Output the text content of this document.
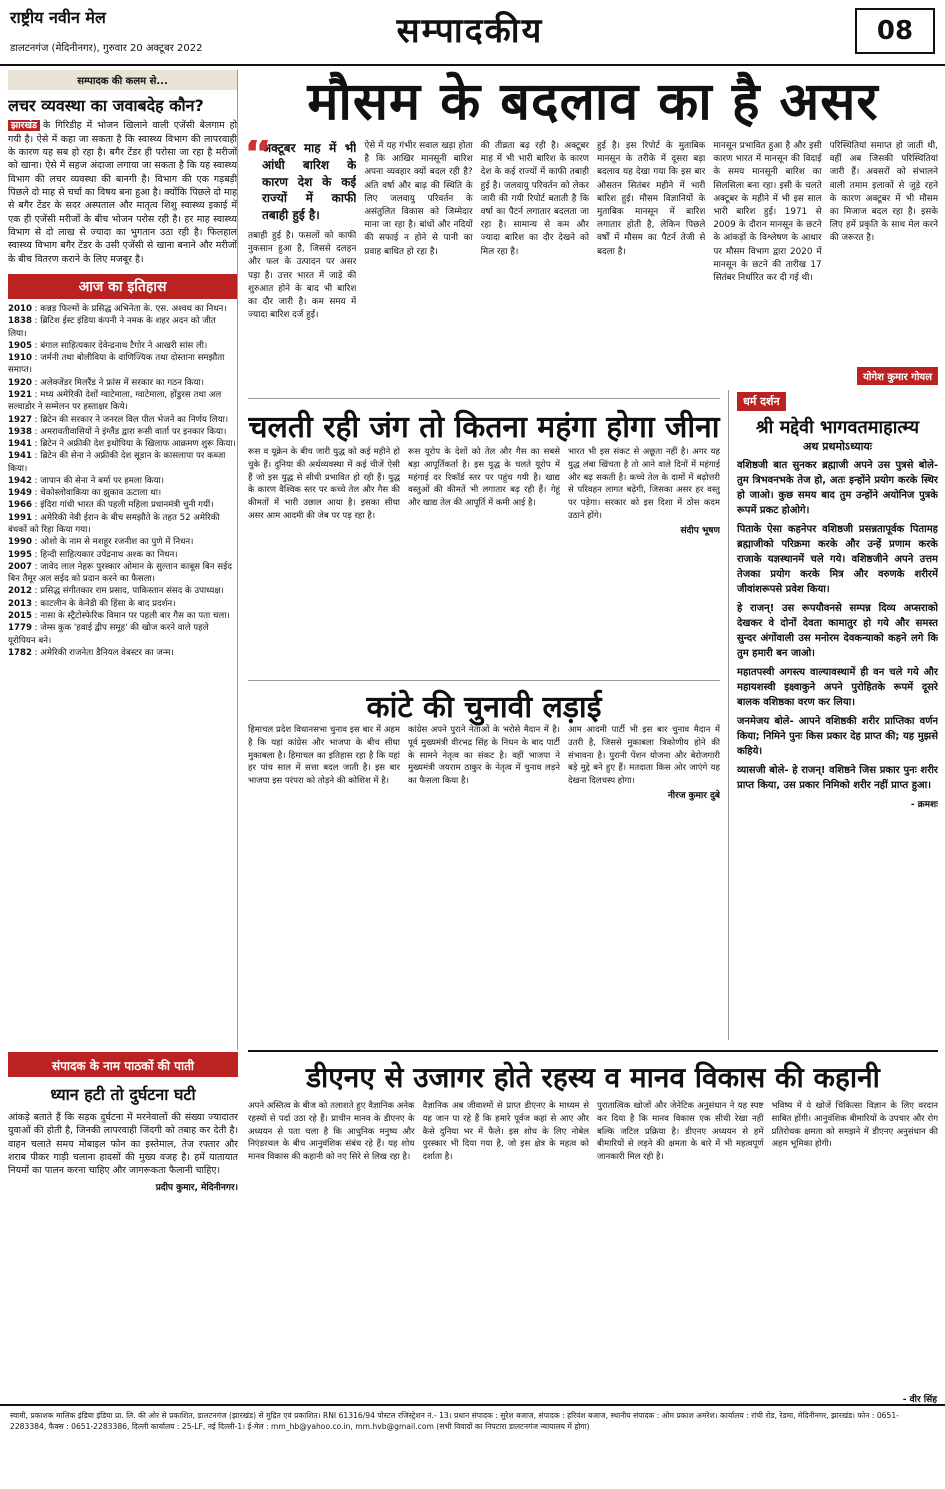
राष्ट्रीय नवीन मेल
डालटनगंज (मेदिनीनगर), गुरुवार 20 अक्टूबर 2022	सम्पादकीय	08
सम्पादक की कलम से...
लचर व्यवस्था का जवाबदेह कौन?
झारखंड के गिरिडीह में भोजन खिलाने वाली एजेंसी बेलगाम हो गयी है। ऐसे में कहा जा सकता है कि स्वास्थ्य विभाग की लापरवाही के कारण यह सब हो रहा है। बगैर टेंडर ही परोसा जा रहा है मरीजों को खाना। ऐसे में सहज अंदाजा लगाया जा सकता है कि यह स्वास्थ्य विभाग की लचर व्यवस्था की बानगी है। विभाग की एक गड़बड़ी पिछले दो माह से चर्चा का विषय बना हुआ है। क्योंकि पिछले दो माह से बगैर टेंडर के सदर अस्पताल और मातृत्व शिशु स्वास्थ्य इकाई में एक ही एजेंसी मरीजों के बीच भोजन परोस रही है। हर माह स्वास्थ्य विभाग से दो लाख से ज्यादा का भुगतान उठा रही है। फिलहाल स्वास्थ्य विभाग बगैर टेंडर के उसी एजेंसी से खाना बनाने और मरीजों के बीच वितरण कराने के लिए मजबूर है।
आज का इतिहास
2010 : कन्नड़ फिल्मों के प्रसिद्ध अभिनेता के. एस. अश्वथ का निधन।
1838 : ब्रिटिश ईस्ट इंडिया कंपनी ने नमक के शहर अदन को जीत लिया।
1905 : बंगाल साहित्यकार देवेन्द्रनाथ टैगोर ने आखरी सांस ली।
1910 : जर्मनी तथा बोलीविया के वाणिज्यिक तथा दोस्ताना समझौता समाप्त।
1920 : अलेक्जेंडर मिलरैंड ने फ्रांस में सरकार का गठन किया।
1921 : मध्य अमेरिकी देशों ग्वाटेमाला, ग्वाटेमाला, होंडुरस तथा अल सल्वाडोर ने सम्मेलन पर हस्ताक्षर किये।
1927 : ब्रिटेन की सरकार ने जनरल विल पील भेजने का निर्णय लिया।
1938 : अमरावतीवासियों ने इंग्लैंड द्वारा रूसी वार्ता पर इनकार किया।
1941 : ब्रिटेन ने अफ्रीकी देश इथोपिया के खिलाफ आक्रमण शुरू किया।
1941 : ब्रिटेन की सेना ने अफ्रीकी देश सूडान के कासलापा पर कब्जा किया।
1942 : जापान की सेना ने बर्मा पर हमला किया।
1949 : चेकोस्लोवाकिया का झुकाव ऊटाला था।
1966 : इंदिरा गांधी भारत की पहली महिला प्रधानमंत्री चुनी गयीं।
1991 : अमेरिकी नेवी ईरान के बीच समझौते के तहत 52 अमेरिकी बंधकों को रिहा किया गया।
1990 : ओशो के नाम से मशहूर रजनीश का पुणे में निधन।
1995 : हिन्दी साहित्यकार उपेंद्रनाथ अश्क का निधन।
2007 : जावेद लाल नेहरू पुरस्कार ओमान के सुल्तान काबूस बिन सईद बिन तैमूर अल सईद को प्रदान करने का फैसला।
2012 : प्रसिद्ध संगीतकार राम प्रसाद, पाकिस्तान संसद के उपाध्यक्ष।
2013 : काटलीन के केनेडी की हिंसा के बाद प्रदर्शन।
2015 : नासा के स्ट्रैटोस्फेरिक विमान पर पहली बार गैस का पता चला।
1779 : जेम्स कुक 'हवाई द्वीप समूह' की खोज करने वाले पहले यूरोपियन बने।
1782 : अमेरिकी राजनेता डैनियल वेबस्टर का जन्म।
मौसम के बदलाव का है असर
“ अक्टूबर माह में भी आंधी बारिश के कारण देश के कई राज्यों में काफी तबाही हुई है।

तबाही हुई है। फसलों को काफी नुकसान हुआ है, जिससे दलहन और फल के उत्पादन पर असर पड़ा है। उत्तर भारत में जाड़े की शुरुआत होने के बाद भी बारिश का दौर जारी है। कम समय में ज्यादा बारिश दर्ज हुई।

ऐसे में यह गंभीर सवाल खड़ा होता है कि आखिर मानसूनी बारिश अपना व्यवहार क्यों बदल रही है? अति वर्षा और बाढ़ की स्थिति के लिए जलवायु परिवर्तन के असंतुलित विकास को जिम्मेदार माना जा रहा है। बांधों और नदियों की सफाई न होने से पानी का प्रवाह बाधित हो रहा है।

की तीव्रता बढ़ रही है। अक्टूबर माह में भी भारी बारिश के कारण देश के कई राज्यों में काफी तबाही हुई है। जलवायु परिवर्तन को लेकर जारी की गयी रिपोर्ट बताती है कि वर्षा का पैटर्न लगातार बदलता जा रहा है। सामान्य से कम और ज्यादा बारिश का दौर देखने को मिल रहा है।

हुई है। इस रिपोर्ट के मुताबिक मानसून के तरीके में दूसरा बड़ा बदलाव यह देखा गया कि इस बार औसतन सितंबर महीने में भारी बारिश हुई। मौसम विज्ञानियों के मुताबिक मानसून में बारिश लगातार होती है, लेकिन पिछले वर्षों में मौसम का पैटर्न तेजी से बदला है।

मानसून प्रभावित हुआ है और इसी कारण भारत में मानसून की विदाई के समय मानसूनी बारिश का सिलसिला बना रहा। इसी के चलते अक्टूबर के महीने में भी इस साल भारी बारिश हुई। 1971 से 2009 के दौरान मानसून के छटने के आंकड़ों के विश्लेषण के आधार पर मौसम विभाग द्वारा 2020 में मानसून के छटने की तारीख 17 सितंबर निर्धारित कर दी गई थी।

परिस्थितियां समाप्त हो जाती थी, वहीं अब जिसकी परिस्थितियां जारी हैं। अवसरों को संभालने वाली तमाम इलाकों से जुड़े रहने के कारण अक्टूबर में भी मौसम का मिजाज बदल रहा है। इसके लिए हमें प्रकृति के साथ मेल करने की जरूरत है।

योगेश कुमार गोयल
चलती रही जंग तो कितना महंगा होगा जीना

रूस व यूक्रेन के बीच जारी युद्ध को कई महीने हो चुके हैं। दुनिया की अर्थव्यवस्था में कई चीजें ऐसी हैं जो इस युद्ध से सीधी प्रभावित हो रही हैं। युद्ध के कारण वैश्विक स्तर पर कच्चे तेल और गैस की कीमतों में भारी उछाल आया है। इसका सीधा असर आम आदमी की जेब पर पड़ रहा है।

रूस यूरोप के देशों को तेल और गैस का सबसे बड़ा आपूर्तिकर्ता है। इस युद्ध के चलते यूरोप में महंगाई दर रिकॉर्ड स्तर पर पहुंच गयी है। खाद्य वस्तुओं की कीमतें भी लगातार बढ़ रही हैं। गेहूं और खाद्य तेल की आपूर्ति में कमी आई है।

भारत भी इस संकट से अछूता नहीं है। अगर यह युद्ध लंबा खिंचता है तो आने वाले दिनों में महंगाई और बढ़ सकती है। कच्चे तेल के दामों में बढ़ोत्तरी से परिवहन लागत बढ़ेगी, जिसका असर हर वस्तु पर पड़ेगा। सरकार को इस दिशा में ठोस कदम उठाने होंगे।

संदीप भूषण
कांटे की चुनावी लड़ाई

हिमाचल प्रदेश विधानसभा चुनाव इस बार में अहम है कि यहां कांग्रेस और भाजपा के बीच सीधा मुकाबला है। हिमाचल का इतिहास रहा है कि यहां हर पांच साल में सत्ता बदल जाती है। इस बार भाजपा इस परंपरा को तोड़ने की कोशिश में है।

कांग्रेस अपने पुराने नेताओं के भरोसे मैदान में है। पूर्व मुख्यमंत्री वीरभद्र सिंह के निधन के बाद पार्टी के सामने नेतृत्व का संकट है। वहीं भाजपा ने मुख्यमंत्री जयराम ठाकुर के नेतृत्व में चुनाव लड़ने का फैसला किया है।

आम आदमी पार्टी भी इस बार चुनाव मैदान में उतरी है, जिससे मुकाबला त्रिकोणीय होने की संभावना है। पुरानी पेंशन योजना और बेरोजगारी बड़े मुद्दे बने हुए हैं। मतदाता किस ओर जाएंगे यह देखना दिलचस्प होगा।

नीरज कुमार दुबे
धर्म दर्शन
श्री मद्देवी भागवतमाहात्म्य
अथ प्रथमोऽध्यायः

वशिष्ठजी बात सुनकर ब्रह्माजी अपने उस पुत्रसे बोले- तुम त्रिभवनभके तेज हो, अतः इन्होंने प्रयोग करके स्थिर हो जाओ। कुछ समय बाद तुम उन्होंने अयोनिज पुत्रके रूपमें प्रकट होओगे।

पिताके ऐसा कहनेपर वशिष्ठजी प्रसन्नतापूर्वक पितामह ब्रह्माजीको परिक्रमा करके और उन्हें प्रणाम करके राजाके यज्ञस्थानमें चले गये। वशिष्ठजीने अपने उत्तम तेजका प्रयोग करके मित्र और वरुणके शरीरमें जीवांशरूपसे प्रवेश किया।

हे राजन्! उस रूपयौवनसे सम्पन्न दिव्य अप्सराको देखकर वे दोनों देवता कामातुर हो गये और समस्त सुन्दर अंगोंवाली उस मनोरम देवकन्याको कहने लगे कि तुम हमारी बन जाओ।

महातपस्वी अगस्त्य वाल्यावस्थामें ही वन चले गये और महायशस्वी इक्ष्वाकुने अपने पुरोहितके रूपमें दूसरे बालक वशिष्ठका वरण कर लिया।

जनमेजय बोले- आपने वशिष्ठकी शरीर प्राप्तिका वर्णन किया; निमिने पुनः किस प्रकार देह प्राप्त की; यह मुझसे कहिये।

व्यासजी बोले- हे राजन्! वशिष्ठने जिस प्रकार पुनः शरीर प्राप्त किया, उस प्रकार निमिको शरीर नहीं प्राप्त हुआ।

- क्रमशः
संपादक के नाम पाठकों की पाती
ध्यान हटी तो दुर्घटना घटी

आंकड़े बताते हैं कि सड़क दुर्घटना में मरनेवालों की संख्या ज्यादातर युवाओं की होती है, जिनकी लापरवाही जिंदगी को तबाह कर देती है। वाहन चलाते समय मोबाइल फोन का इस्तेमाल, तेज रफ्तार और शराब पीकर गाड़ी चलाना हादसों की मुख्य वजह है। हमें यातायात नियमों का पालन करना चाहिए और जागरूकता फैलानी चाहिए।

प्रदीप कुमार, मेदिनीनगर।
डीएनए से उजागर होते रहस्य व मानव विकास की कहानी

अपने अस्तित्व के बीज को तलाशते हुए वैज्ञानिक अनेक रहस्यों से पर्दा उठा रहे हैं। प्राचीन मानव के डीएनए के अध्ययन से पता चला है कि आधुनिक मनुष्य और निएंडरथल के बीच आनुवंशिक संबंध रहे हैं। यह शोध मानव विकास की कहानी को नए सिरे से लिख रहा है।

वैज्ञानिक अब जीवाश्मों से प्राप्त डीएनए के माध्यम से यह जान पा रहे हैं कि हमारे पूर्वज कहां से आए और कैसे दुनिया भर में फैले। इस शोध के लिए नोबेल पुरस्कार भी दिया गया है, जो इस क्षेत्र के महत्व को दर्शाता है।

पुरातात्विक खोजों और जेनेटिक अनुसंधान ने यह स्पष्ट कर दिया है कि मानव विकास एक सीधी रेखा नहीं बल्कि जटिल प्रक्रिया है। डीएनए अध्ययन से हमें बीमारियों से लड़ने की क्षमता के बारे में भी महत्वपूर्ण जानकारी मिल रही है।

भविष्य में ये खोजें चिकित्सा विज्ञान के लिए वरदान साबित होंगी। आनुवंशिक बीमारियों के उपचार और रोग प्रतिरोधक क्षमता को समझने में डीएनए अनुसंधान की अहम भूमिका होगी।

- वीर सिंह
स्वामी, प्रकाशक मालिक इंडिया इंडिया प्रा. लि. की ओर से प्रकाशित, डालटनगंज (झारखंड) से मुद्रित एवं प्रकाशित। RNI 61316/94 पोस्टल रजिस्ट्रेशन नं.- 13। प्रधान संपादक : सुरेश बजाज, संपादक : हरिवंश बजाज, स्थानीय संपादक : ओम प्रकाश अमरेश। कार्यालय : रांची रोड, रेडमा, मेदिनीनगर, झारखंड। फोन : 0651-2283384, फैक्स : 0651-2283386, दिल्ली कार्यालय : 25-LF, नई दिल्ली-1। ई-मेल : mm_hb@yahoo.co.in, mm.hvb@gmail.com (सभी विवादों का निपटारा डालटनगंज न्यायालय में होगा)
